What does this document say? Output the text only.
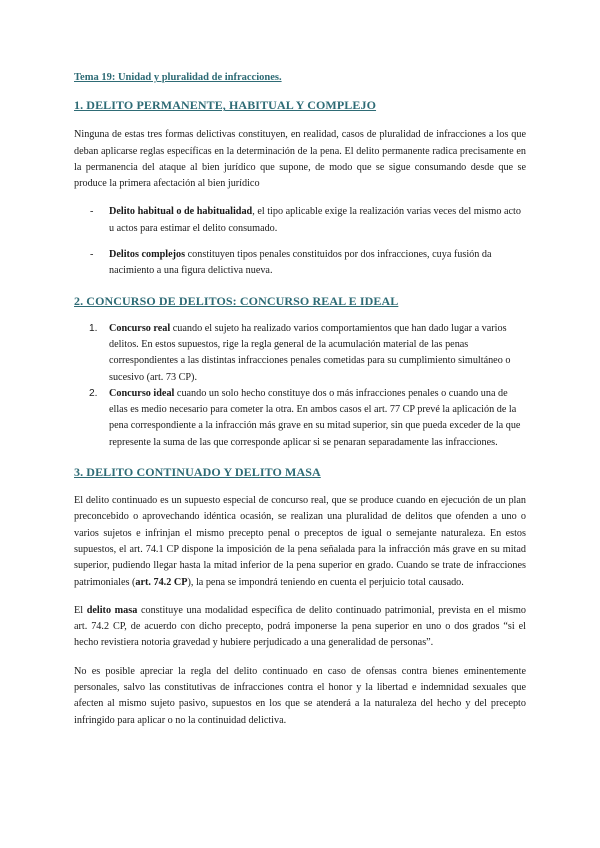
Tema 19: Unidad y pluralidad de infracciones.

1. DELITO PERMANENTE, HABITUAL Y COMPLEJO

Ninguna de estas tres formas delictivas constituyen, en realidad, casos de pluralidad de infracciones a los que deban aplicarse reglas específicas en la determinación de la pena. El delito permanente radica precisamente en la permanencia del ataque al bien jurídico que supone, de modo que se sigue consumando desde que se produce la primera afectación al bien jurídico

- Delito habitual o de habitualidad, el tipo aplicable exige la realización varias veces del mismo acto u actos para estimar el delito consumado.
- Delitos complejos constituyen tipos penales constituidos por dos infracciones, cuya fusión da nacimiento a una figura delictiva nueva.
2. CONCURSO DE DELITOS: CONCURSO REAL E IDEAL
1. Concurso real cuando el sujeto ha realizado varios comportamientos que han dado lugar a varios delitos. En estos supuestos, rige la regla general de la acumulación material de las penas correspondientes a las distintas infracciones penales cometidas para su cumplimiento simultáneo o sucesivo (art. 73 CP).
2. Concurso ideal cuando un solo hecho constituye dos o más infracciones penales o cuando una de ellas es medio necesario para cometer la otra. En ambos casos el art. 77 CP prevé la aplicación de la pena correspondiente a la infracción más grave en su mitad superior, sin que pueda exceder de la que represente la suma de las que corresponde aplicar si se penaran separadamente las infracciones.
3. DELITO CONTINUADO Y DELITO MASA

El delito continuado es un supuesto especial de concurso real, que se produce cuando en ejecución de un plan preconcebido o aprovechando idéntica ocasión, se realizan una pluralidad de delitos que ofenden a uno o varios sujetos e infrinjan el mismo precepto penal o preceptos de igual o semejante naturaleza. En estos supuestos, el art. 74.1 CP dispone la imposición de la pena señalada para la infracción más grave en su mitad superior, pudiendo llegar hasta la mitad inferior de la pena superior en grado. Cuando se trate de infracciones patrimoniales (art. 74.2 CP), la pena se impondrá teniendo en cuenta el perjuicio total causado.

El delito masa constituye una modalidad específica de delito continuado patrimonial, prevista en el mismo art. 74.2 CP, de acuerdo con dicho precepto, podrá imponerse la pena superior en uno o dos grados “si el hecho revistiera notoria gravedad y hubiere perjudicado a una generalidad de personas”.

No es posible apreciar la regla del delito continuado en caso de ofensas contra bienes eminentemente personales, salvo las constitutivas de infracciones contra el honor y la libertad e indemnidad sexuales que afecten al mismo sujeto pasivo, supuestos en los que se atenderá a la naturaleza del hecho y del precepto infringido para aplicar o no la continuidad delictiva.
